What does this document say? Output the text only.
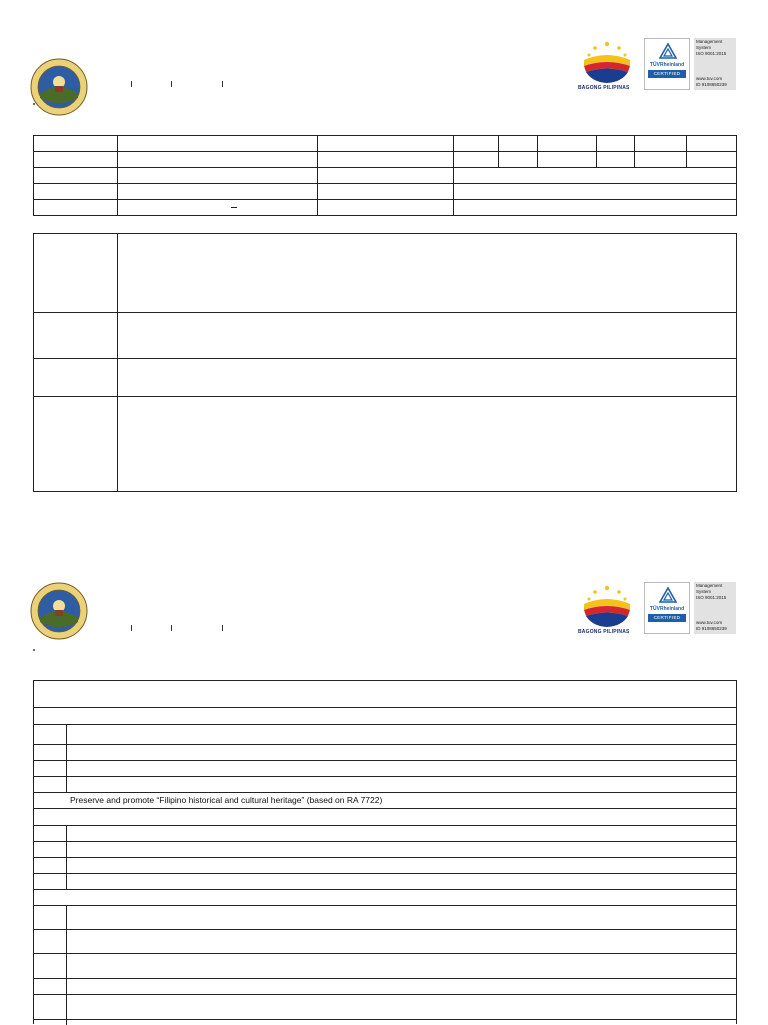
BAGONG PILIPINAS
TÜVRheinland
CERTIFIED
Management
System
ISO 9001:2015
www.tuv.com
ID 9108650239
BAGONG PILIPINAS
TÜVRheinland
CERTIFIED
Management
System
ISO 9001:2015
www.tuv.com
ID 9108650239
Preserve and promote “Filipino historical and cultural heritage” (based on RA 7722)
